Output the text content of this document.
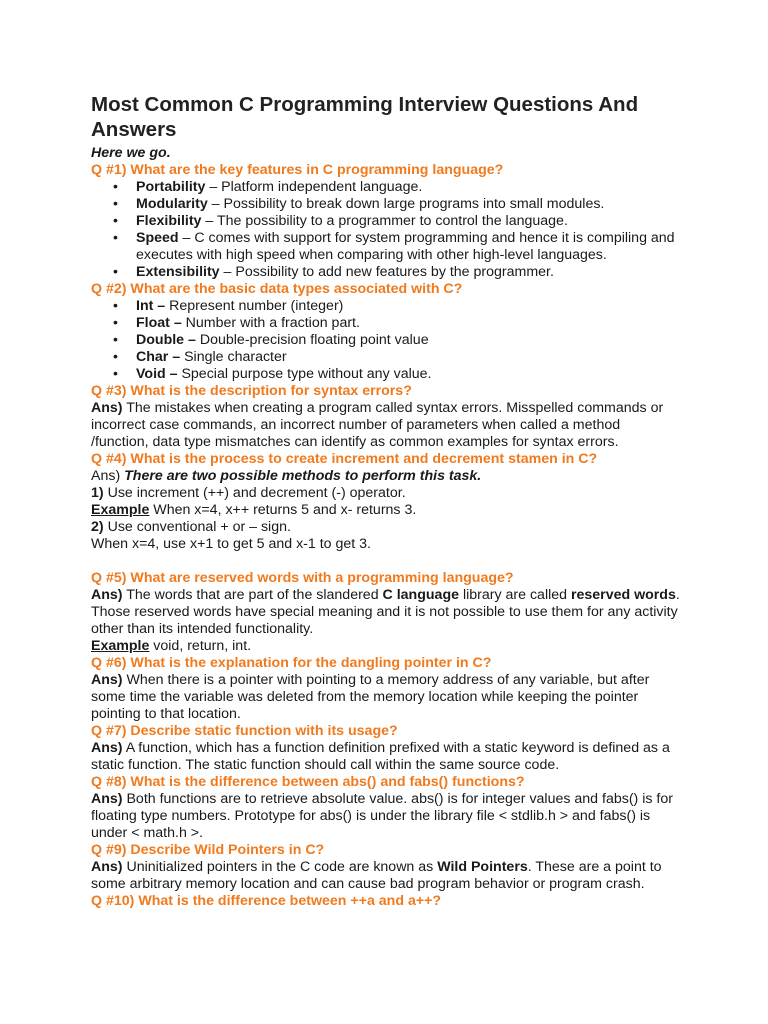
Most Common C Programming Interview Questions And Answers

Here we go.

Q #1) What are the key features in C programming language?

• Portability – Platform independent language.
• Modularity – Possibility to break down large programs into small modules.
• Flexibility – The possibility to a programmer to control the language.
• Speed – C comes with support for system programming and hence it is compiling and executes with high speed when comparing with other high-level languages.
• Extensibility – Possibility to add new features by the programmer.

Q #2) What are the basic data types associated with C?

• Int – Represent number (integer)
• Float – Number with a fraction part.
• Double – Double-precision floating point value
• Char – Single character
• Void – Special purpose type without any value.

Q #3) What is the description for syntax errors?

Ans) The mistakes when creating a program called syntax errors. Misspelled commands or incorrect case commands, an incorrect number of parameters when called a method /function, data type mismatches can identify as common examples for syntax errors.

Q #4) What is the process to create increment and decrement stamen in C?

Ans) There are two possible methods to perform this task.

1) Use increment (++) and decrement (-) operator.

Example When x=4, x++ returns 5 and x- returns 3.

2) Use conventional + or – sign.

When x=4, use x+1 to get 5 and x-1 to get 3.

Q #5) What are reserved words with a programming language?

Ans) The words that are part of the slandered C language library are called reserved words. Those reserved words have special meaning and it is not possible to use them for any activity other than its intended functionality.

Example void, return, int.

Q #6) What is the explanation for the dangling pointer in C?

Ans) When there is a pointer with pointing to a memory address of any variable, but after some time the variable was deleted from the memory location while keeping the pointer pointing to that location.

Q #7) Describe static function with its usage?

Ans) A function, which has a function definition prefixed with a static keyword is defined as a static function. The static function should call within the same source code.

Q #8) What is the difference between abs() and fabs() functions?

Ans) Both functions are to retrieve absolute value. abs() is for integer values and fabs() is for floating type numbers. Prototype for abs() is under the library file < stdlib.h > and fabs() is under < math.h >.

Q #9) Describe Wild Pointers in C?

Ans) Uninitialized pointers in the C code are known as Wild Pointers. These are a point to some arbitrary memory location and can cause bad program behavior or program crash.

Q #10) What is the difference between ++a and a++?
